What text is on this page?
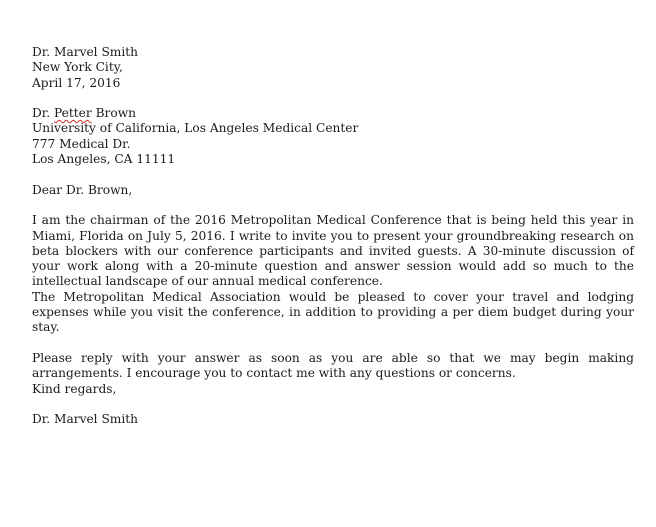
Dr. Marvel Smith
New York City,
April 17, 2016
Dr. Petter Brown
University of California, Los Angeles Medical Center
777 Medical Dr.
Los Angeles, CA 11111
Dear Dr. Brown,
I am the chairman of the 2016 Metropolitan Medical Conference that is being held this year in Miami, Florida on July 5, 2016. I write to invite you to present your groundbreaking research on beta blockers with our conference participants and invited guests. A 30-minute discussion of your work along with a 20-minute question and answer session would add so much to the intellectual landscape of our annual medical conference.
The Metropolitan Medical Association would be pleased to cover your travel and lodging expenses while you visit the conference, in addition to providing a per diem budget during your stay.
Please reply with your answer as soon as you are able so that we may begin making arrangements. I encourage you to contact me with any questions or concerns.
Kind regards,
Dr. Marvel Smith
